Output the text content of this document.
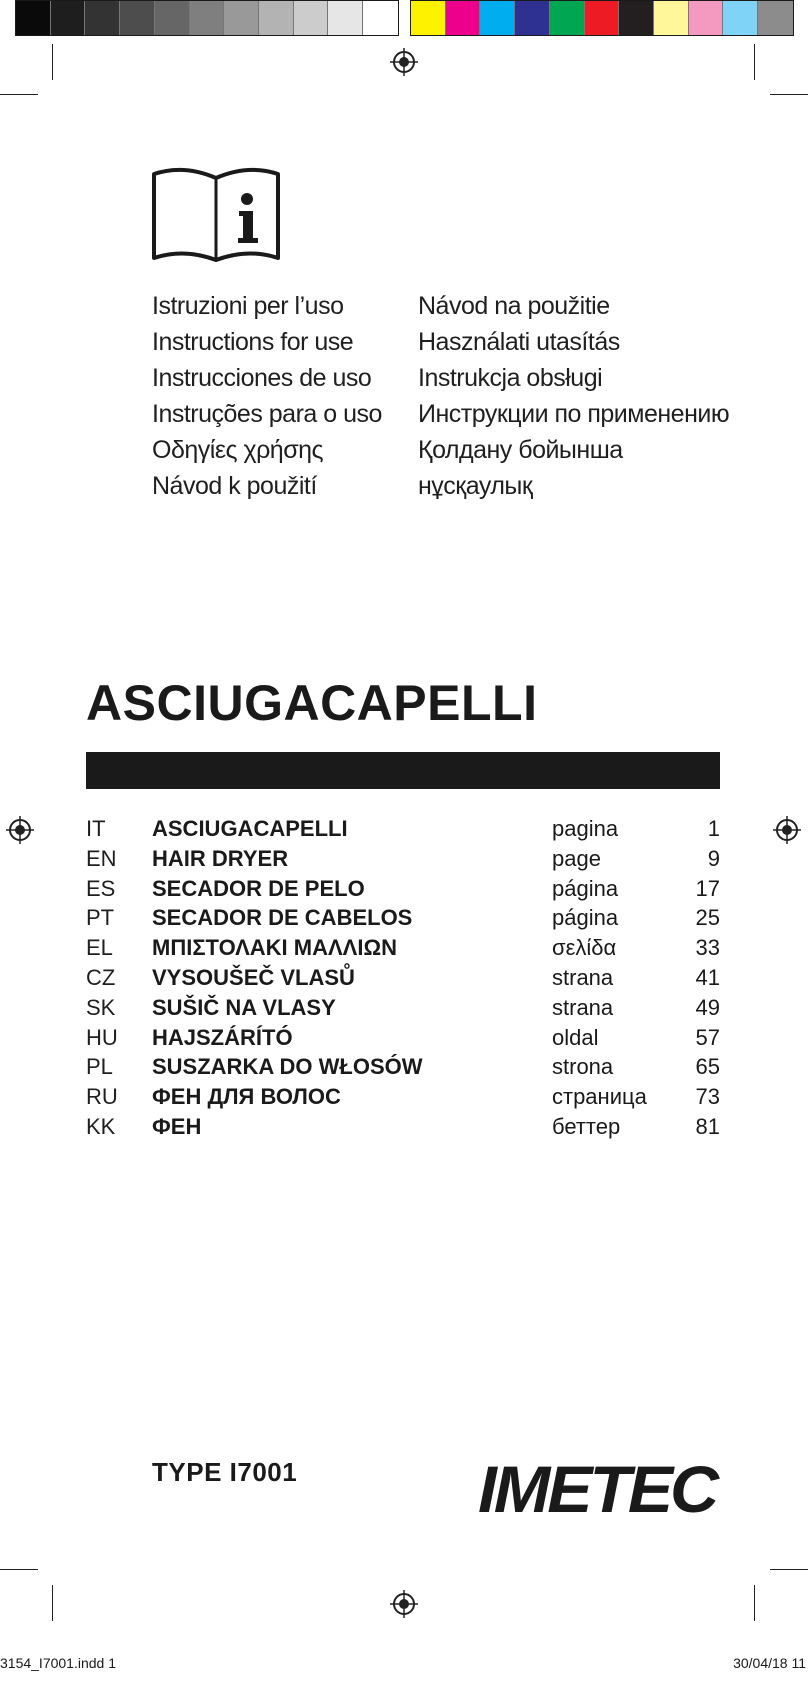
Istruzioni per l’uso
Instructions for use
Instrucciones de uso
Instruções para o uso
Οδηγίες χρήσης
Návod k použití
Návod na použitie
Használati utasítás
Instrukcja obsługi
Инструкции по применению
Қолдану бойынша
нұсқаулық
ASCIUGACAPELLI
IT ASCIUGACAPELLI	pagina	1
EN HAIR DRYER	page	9
ES SECADOR DE PELO	página	17
PT SECADOR DE CABELOS	página	25
EL ΜΠΙΣΤΟΛΑΚΙ ΜΑΛΛΙΩΝ	σελίδα	33
CZ VYSOUŠEČ VLASŮ	strana	41
SK SUŠIČ NA VLASY	strana	49
HU HAJSZÁRÍTÓ	oldal	57
PL SUSZARKA DO WŁOSÓW	strona	65
RU ФЕН ДЛЯ ВОЛОС	страница 73
KK ФЕН	беттер	81
TYPE I7001	IMETEC
3154_I7001.indd 1	30/04/18 11
